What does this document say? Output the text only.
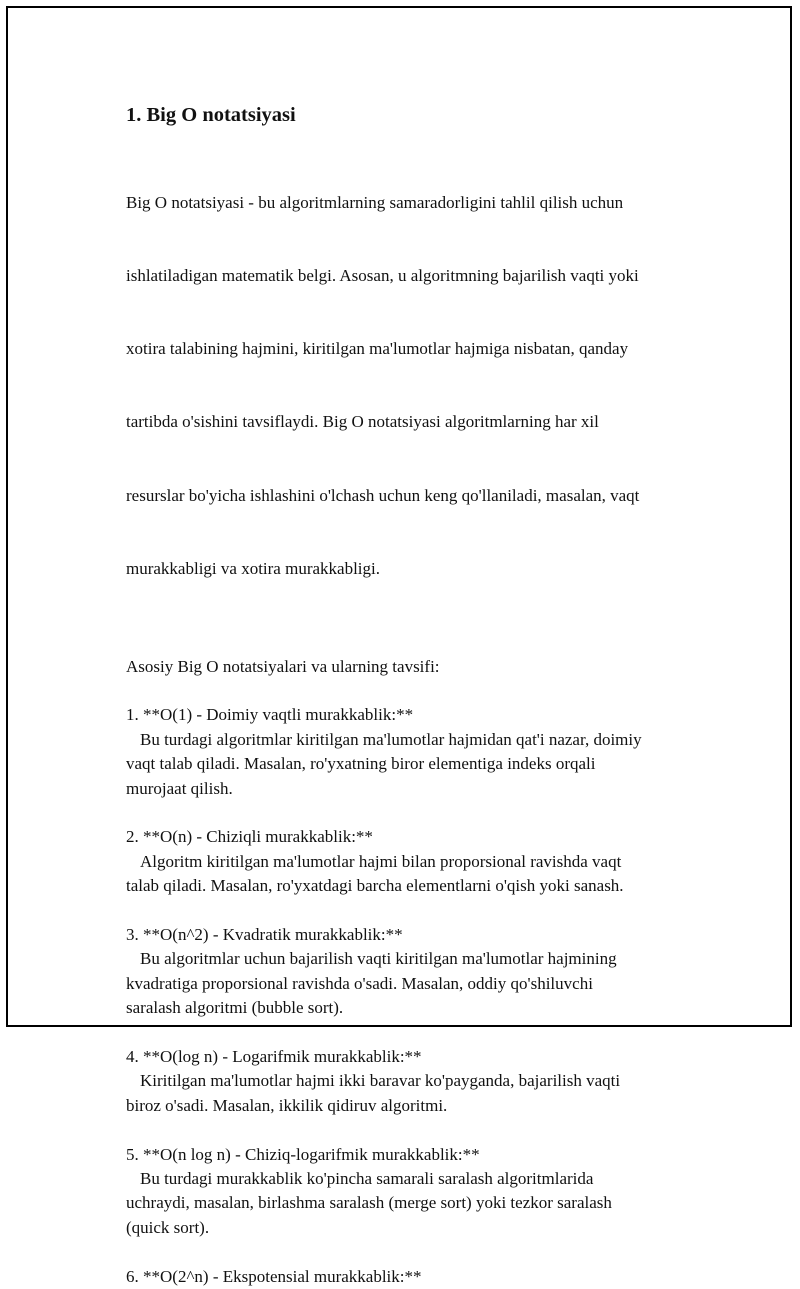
1. Big O notatsiyasi

Big O notatsiyasi - bu algoritmlarning samaradorligini tahlil qilish uchun

ishlatiladigan matematik belgi. Asosan, u algoritmning bajarilish vaqti yoki

xotira talabining hajmini, kiritilgan ma'lumotlar hajmiga nisbatan, qanday

tartibda o'sishini tavsiflaydi. Big O notatsiyasi algoritmlarning har xil

resurslar bo'yicha ishlashini o'lchash uchun keng qo'llaniladi, masalan, vaqt

murakkabligi va xotira murakkabligi.

Asosiy Big O notatsiyalari va ularning tavsifi:
1. **O(1) - Doimiy vaqtli murakkablik:**
Bu turdagi algoritmlar kiritilgan ma'lumotlar hajmidan qat'i nazar, doimiy
vaqt talab qiladi. Masalan, ro'yxatning biror elementiga indeks orqali
murojaat qilish.
2. **O(n) - Chiziqli murakkablik:**
Algoritm kiritilgan ma'lumotlar hajmi bilan proporsional ravishda vaqt
talab qiladi. Masalan, ro'yxatdagi barcha elementlarni o'qish yoki sanash.
3. **O(n^2) - Kvadratik murakkablik:**
Bu algoritmlar uchun bajarilish vaqti kiritilgan ma'lumotlar hajmining
kvadratiga proporsional ravishda o'sadi. Masalan, oddiy qo'shiluvchi
saralash algoritmi (bubble sort).
4. **O(log n) - Logarifmik murakkablik:**
Kiritilgan ma'lumotlar hajmi ikki baravar ko'payganda, bajarilish vaqti
biroz o'sadi. Masalan, ikkilik qidiruv algoritmi.
5. **O(n log n) - Chiziq-logarifmik murakkablik:**
Bu turdagi murakkablik ko'pincha samarali saralash algoritmlarida
uchraydi, masalan, birlashma saralash (merge sort) yoki tezkor saralash
(quick sort).
6. **O(2^n) - Ekspotensial murakkablik:**
